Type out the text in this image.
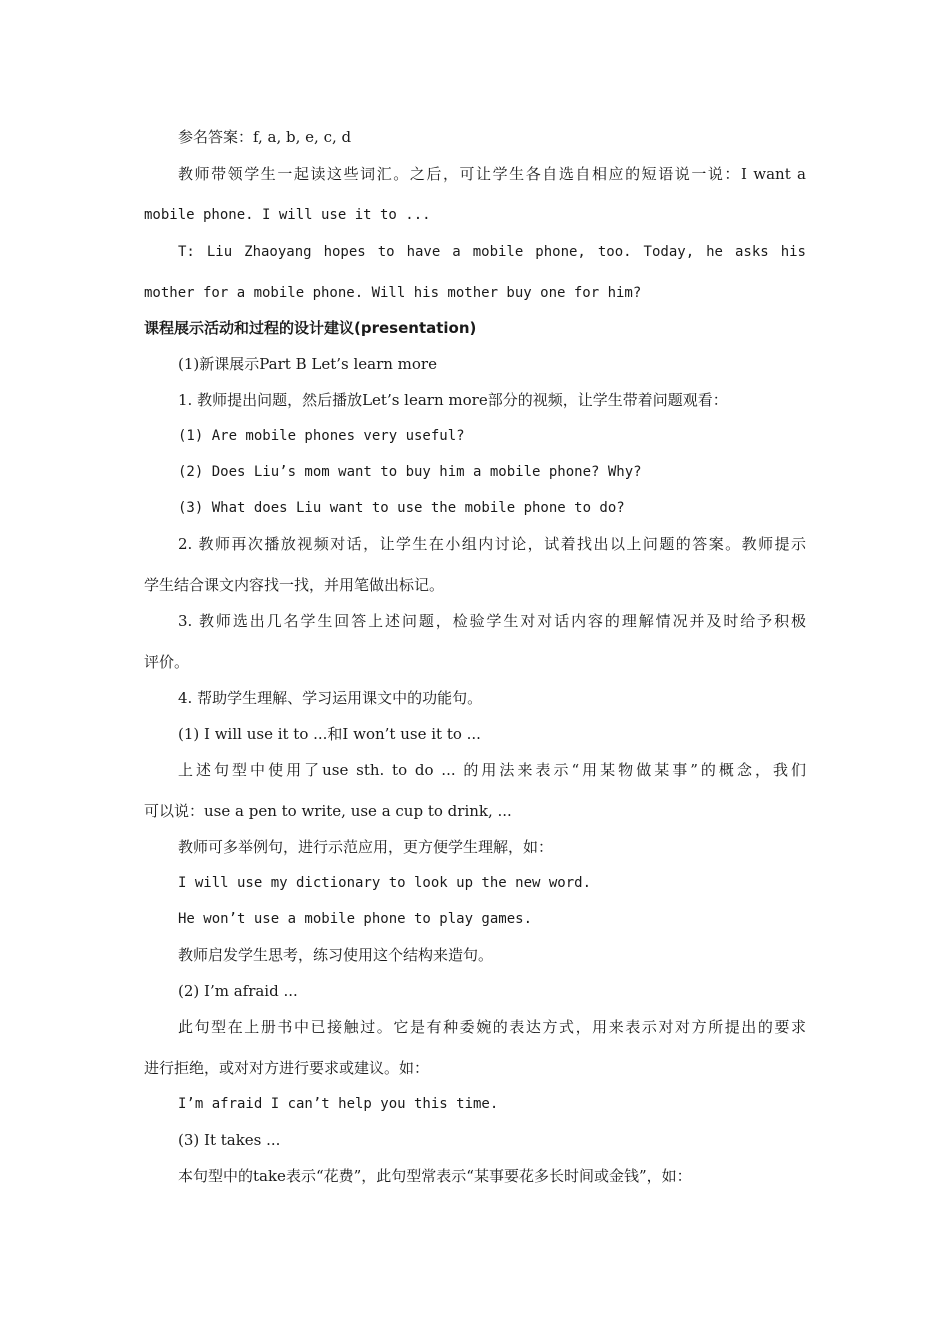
参名答案：f, a, b, e, c, d
教师带领学生一起读这些词汇。之后，可让学生各自选自相应的短语说一说：I want a
mobile phone. I will use it to ...
T: Liu Zhaoyang hopes to have a mobile phone, too. Today, he asks his
mother for a mobile phone. Will his mother buy one for him?
课程展示活动和过程的设计建议(presentation)
(1)新课展示Part B Let’s learn more
1. 教师提出问题，然后播放Let’s learn more部分的视频，让学生带着问题观看：
(1) Are mobile phones very useful?
(2) Does Liu’s mom want to buy him a mobile phone? Why?
(3) What does Liu want to use the mobile phone to do?
2. 教师再次播放视频对话，让学生在小组内讨论，试着找出以上问题的答案。教师提示
学生结合课文内容找一找，并用笔做出标记。
3. 教师选出几名学生回答上述问题，检验学生对对话内容的理解情况并及时给予积极
评价。
4. 帮助学生理解、学习运用课文中的功能句。
(1) I will use it to ...和I won’t use it to ...
上述句型中使用了use sth. to do ... 的用法来表示“用某物做某事”的概念，我们
可以说：use a pen to write, use a cup to drink, ...
教师可多举例句，进行示范应用，更方便学生理解，如：
I will use my dictionary to look up the new word.
He won’t use a mobile phone to play games.
教师启发学生思考，练习使用这个结构来造句。
(2) I’m afraid ...
此句型在上册书中已接触过。它是有种委婉的表达方式，用来表示对对方所提出的要求
进行拒绝，或对对方进行要求或建议。如：
I’m afraid I can’t help you this time.
(3) It takes ...
本句型中的take表示“花费”，此句型常表示“某事要花多长时间或金钱”，如：
